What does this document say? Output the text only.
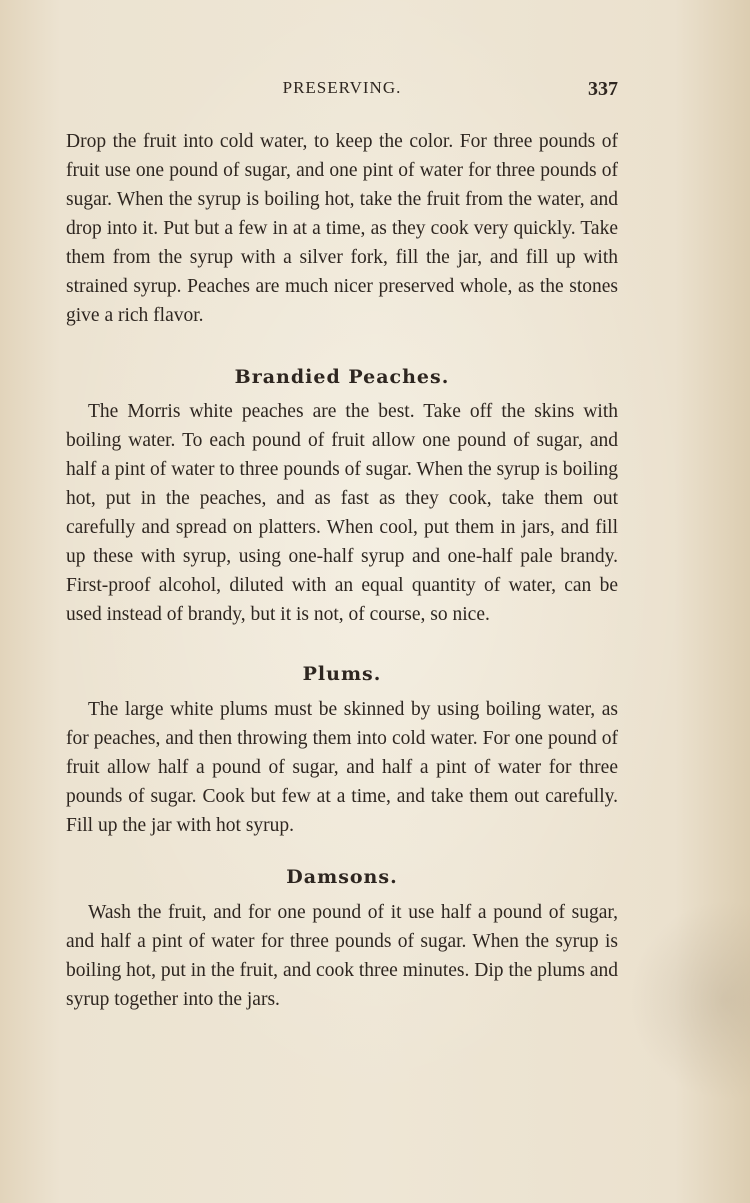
PRESERVING.	337

Drop the fruit into cold water, to keep the color. For three pounds of fruit use one pound of sugar, and one pint of water for three pounds of sugar. When the syrup is boiling hot, take the fruit from the water, and drop into it. Put but a few in at a time, as they cook very quickly. Take them from the syrup with a silver fork, fill the jar, and fill up with strained syrup. Peaches are much nicer preserved whole, as the stones give a rich flavor.

Brandied Peaches.

The Morris white peaches are the best. Take off the skins with boiling water. To each pound of fruit allow one pound of sugar, and half a pint of water to three pounds of sugar. When the syrup is boiling hot, put in the peaches, and as fast as they cook, take them out carefully and spread on platters. When cool, put them in jars, and fill up these with syrup, using one-half syrup and one-half pale brandy. First-proof alcohol, diluted with an equal quantity of water, can be used instead of brandy, but it is not, of course, so nice.

Plums.

The large white plums must be skinned by using boiling water, as for peaches, and then throwing them into cold water. For one pound of fruit allow half a pound of sugar, and half a pint of water for three pounds of sugar. Cook but few at a time, and take them out carefully. Fill up the jar with hot syrup.

Damsons.

Wash the fruit, and for one pound of it use half a pound of sugar, and half a pint of water for three pounds of sugar. When the syrup is boiling hot, put in the fruit, and cook three minutes. Dip the plums and syrup together into the jars.
